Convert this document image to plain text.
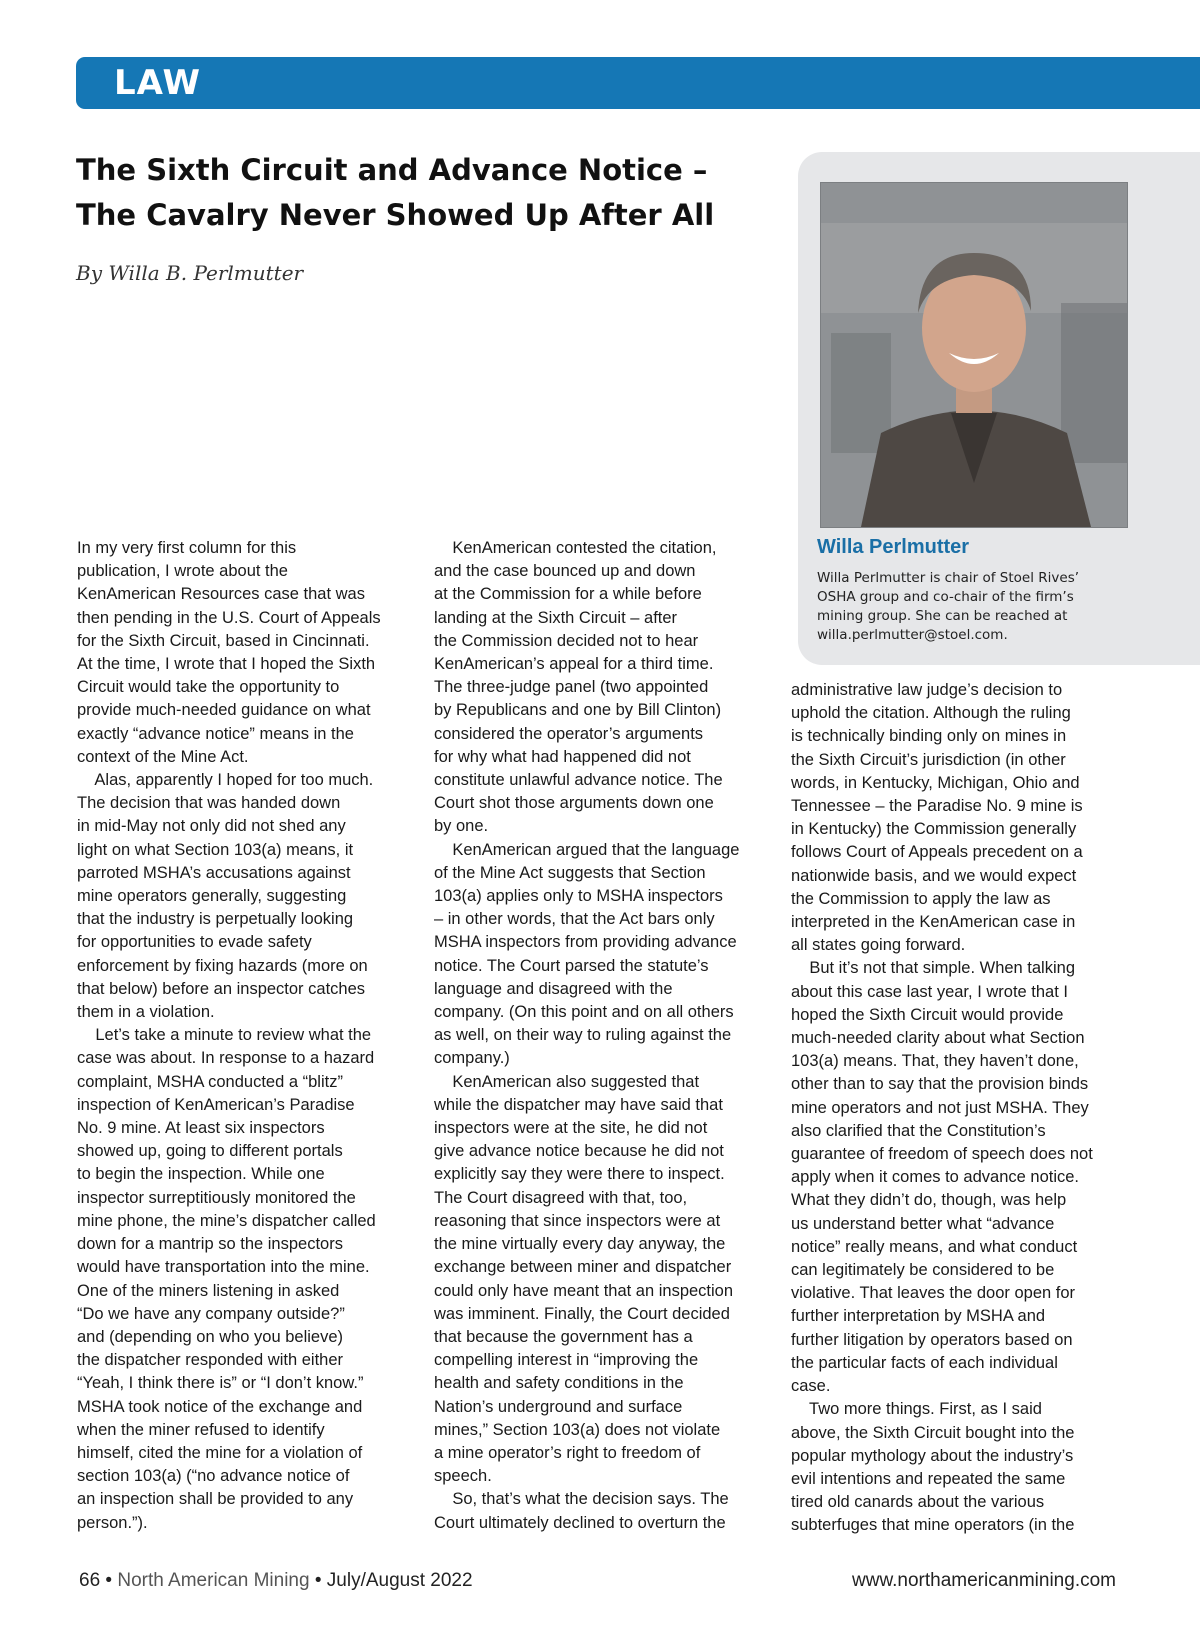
LAW
The Sixth Circuit and Advance Notice –
The Cavalry Never Showed Up After All

By Willa B. Perlmutter

Willa Perlmutter

Willa Perlmutter is chair of Stoel Rives’
OSHA group and co-chair of the firm’s
mining group. She can be reached at
willa.perlmutter@stoel.com.

In my very first column for this
publication, I wrote about the
KenAmerican Resources case that was
then pending in the U.S. Court of Appeals
for the Sixth Circuit, based in Cincinnati.
At the time, I wrote that I hoped the Sixth
Circuit would take the opportunity to
provide much-needed guidance on what
exactly “advance notice” means in the
context of the Mine Act.
Alas, apparently I hoped for too much.
The decision that was handed down
in mid-May not only did not shed any
light on what Section 103(a) means, it
parroted MSHA’s accusations against
mine operators generally, suggesting
that the industry is perpetually looking
for opportunities to evade safety
enforcement by fixing hazards (more on
that below) before an inspector catches
them in a violation.
Let’s take a minute to review what the
case was about. In response to a hazard
complaint, MSHA conducted a “blitz”
inspection of KenAmerican’s Paradise
No. 9 mine. At least six inspectors
showed up, going to different portals
to begin the inspection. While one
inspector surreptitiously monitored the
mine phone, the mine’s dispatcher called
down for a mantrip so the inspectors
would have transportation into the mine.
One of the miners listening in asked
“Do we have any company outside?”
and (depending on who you believe)
the dispatcher responded with either
“Yeah, I think there is” or “I don’t know.”
MSHA took notice of the exchange and
when the miner refused to identify
himself, cited the mine for a violation of
section 103(a) (“no advance notice of
an inspection shall be provided to any
person.”).
KenAmerican contested the citation,
and the case bounced up and down
at the Commission for a while before
landing at the Sixth Circuit – after
the Commission decided not to hear
KenAmerican’s appeal for a third time.
The three-judge panel (two appointed
by Republicans and one by Bill Clinton)
considered the operator’s arguments
for why what had happened did not
constitute unlawful advance notice. The
Court shot those arguments down one
by one.
KenAmerican argued that the language
of the Mine Act suggests that Section
103(a) applies only to MSHA inspectors
– in other words, that the Act bars only
MSHA inspectors from providing advance
notice. The Court parsed the statute’s
language and disagreed with the
company. (On this point and on all others
as well, on their way to ruling against the
company.)
KenAmerican also suggested that
while the dispatcher may have said that
inspectors were at the site, he did not
give advance notice because he did not
explicitly say they were there to inspect.
The Court disagreed with that, too,
reasoning that since inspectors were at
the mine virtually every day anyway, the
exchange between miner and dispatcher
could only have meant that an inspection
was imminent. Finally, the Court decided
that because the government has a
compelling interest in “improving the
health and safety conditions in the
Nation’s underground and surface
mines,” Section 103(a) does not violate
a mine operator’s right to freedom of
speech.
So, that’s what the decision says. The
Court ultimately declined to overturn the
administrative law judge’s decision to
uphold the citation. Although the ruling
is technically binding only on mines in
the Sixth Circuit’s jurisdiction (in other
words, in Kentucky, Michigan, Ohio and
Tennessee – the Paradise No. 9 mine is
in Kentucky) the Commission generally
follows Court of Appeals precedent on a
nationwide basis, and we would expect
the Commission to apply the law as
interpreted in the KenAmerican case in
all states going forward.
But it’s not that simple. When talking
about this case last year, I wrote that I
hoped the Sixth Circuit would provide
much-needed clarity about what Section
103(a) means. That, they haven’t done,
other than to say that the provision binds
mine operators and not just MSHA. They
also clarified that the Constitution’s
guarantee of freedom of speech does not
apply when it comes to advance notice.
What they didn’t do, though, was help
us understand better what “advance
notice” really means, and what conduct
can legitimately be considered to be
violative. That leaves the door open for
further interpretation by MSHA and
further litigation by operators based on
the particular facts of each individual
case.
Two more things. First, as I said
above, the Sixth Circuit bought into the
popular mythology about the industry’s
evil intentions and repeated the same
tired old canards about the various
subterfuges that mine operators (in the

66 • North American Mining • July/August 2022	www.northamericanmining.com
